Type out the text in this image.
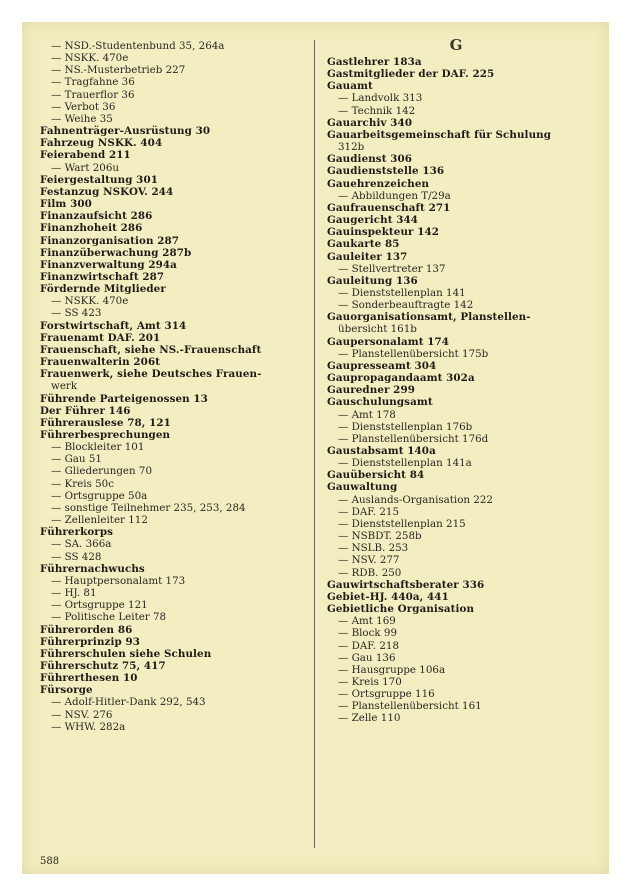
— NSD.-Studentenbund 35, 264a
— NSKK. 470e
— NS.-Musterbetrieb 227
— Tragfahne 36
— Trauerflor 36
— Verbot 36
— Weihe 35
Fahnenträger-Ausrüstung 30
Fahrzeug NSKK. 404
Feierabend 211
— Wart 206u
Feiergestaltung 301
Festanzug NSKOV. 244
Film 300
Finanzaufsicht 286
Finanzhoheit 286
Finanzorganisation 287
Finanzüberwachung 287b
Finanzverwaltung 294a
Finanzwirtschaft 287
Fördernde Mitglieder
— NSKK. 470e
— SS 423
Forstwirtschaft, Amt 314
Frauenamt DAF. 201
Frauenschaft, siehe NS.-Frauenschaft
Frauenwalterin 206t
Frauenwerk, siehe Deutsches Frauen-
werk
Führende Parteigenossen 13
Der Führer 146
Führerauslese 78, 121
Führerbesprechungen
— Blockleiter 101
— Gau 51
— Gliederungen 70
— Kreis 50c
— Ortsgruppe 50a
— sonstige Teilnehmer 235, 253, 284
— Zellenleiter 112
Führerkorps
— SA. 366a
— SS 428
Führernachwuchs
— Hauptpersonalamt 173
— HJ. 81
— Ortsgruppe 121
— Politische Leiter 78
Führerorden 86
Führerprinzip 93
Führerschulen siehe Schulen
Führerschutz 75, 417
Führerthesen 10
Fürsorge
— Adolf-Hitler-Dank 292, 543
— NSV. 276
— WHW. 282a
G
Gastlehrer 183a
Gastmitglieder der DAF. 225
Gauamt
— Landvolk 313
— Technik 142
Gauarchiv 340
Gauarbeitsgemeinschaft für Schulung
312b
Gaudienst 306
Gaudienststelle 136
Gauehrenzeichen
— Abbildungen T/29a
Gaufrauenschaft 271
Gaugericht 344
Gauinspekteur 142
Gaukarte 85
Gauleiter 137
— Stellvertreter 137
Gauleitung 136
— Dienststellenplan 141
— Sonderbeauftragte 142
Gauorganisationsamt, Planstellen-
übersicht 161b
Gaupersonalamt 174
— Planstellenübersicht 175b
Gaupresseamt 304
Gaupropagandaamt 302a
Gauredner 299
Gauschulungsamt
— Amt 178
— Dienststellenplan 176b
— Planstellenübersicht 176d
Gaustabsamt 140a
— Dienststellenplan 141a
Gauübersicht 84
Gauwaltung
— Auslands-Organisation 222
— DAF. 215
— Dienststellenplan 215
— NSBDT. 258b
— NSLB. 253
— NSV. 277
— RDB. 250
Gauwirtschaftsberater 336
Gebiet-HJ. 440a, 441
Gebietliche Organisation
— Amt 169
— Block 99
— DAF. 218
— Gau 136
— Hausgruppe 106a
— Kreis 170
— Ortsgruppe 116
— Planstellenübersicht 161
— Zelle 110
588
